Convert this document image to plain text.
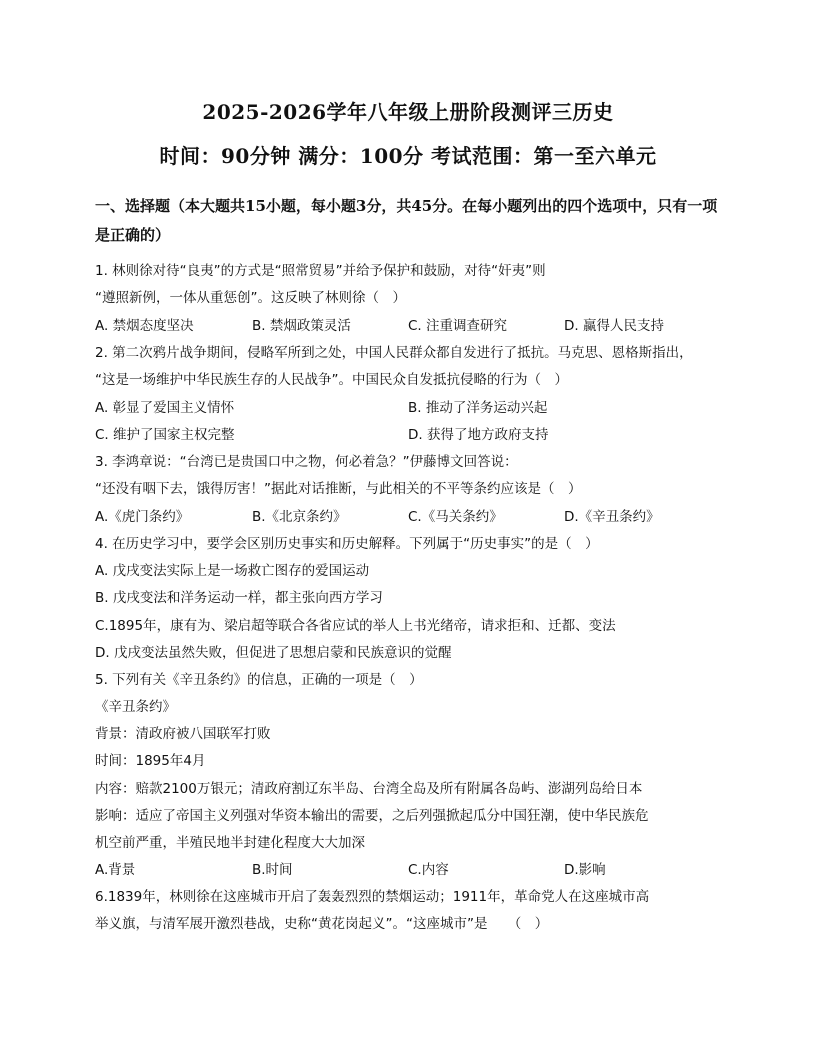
2025-2026学年八年级上册阶段测评三历史
时间：90分钟 满分：100分 考试范围：第一至六单元
一、选择题（本大题共15小题，每小题3分，共45分。在每小题列出的四个选项中，只有一项是正确的）
1. 林则徐对待“良夷”的方式是“照常贸易”并给予保护和鼓励，对待“奸夷”则
“遵照新例，一体从重惩创”。这反映了林则徐（　）
A. 禁烟态度坚决	B. 禁烟政策灵活	C. 注重调查研究	D. 赢得人民支持
2. 第二次鸦片战争期间，侵略军所到之处，中国人民群众都自发进行了抵抗。马克思、恩格斯指出，
“这是一场维护中华民族生存的人民战争”。中国民众自发抵抗侵略的行为（　）
A. 彰显了爱国主义情怀	B. 推动了洋务运动兴起
C. 维护了国家主权完整	D. 获得了地方政府支持
3. 李鸿章说：“台湾已是贵国口中之物，何必着急？”伊藤博文回答说：
“还没有咽下去，饿得厉害！”据此对话推断，与此相关的不平等条约应该是（　）
A.《虎门条约》	B.《北京条约》	C.《马关条约》	D.《辛丑条约》
4. 在历史学习中，要学会区别历史事实和历史解释。下列属于“历史事实”的是（　）
A. 戊戌变法实际上是一场救亡图存的爱国运动
B. 戊戌变法和洋务运动一样，都主张向西方学习
C.1895年，康有为、梁启超等联合各省应试的举人上书光绪帝，请求拒和、迁都、变法
D. 戊戌变法虽然失败，但促进了思想启蒙和民族意识的觉醒
5. 下列有关《辛丑条约》的信息，正确的一项是（　）
《辛丑条约》
背景：清政府被八国联军打败
时间：1895年4月
内容：赔款2100万银元；清政府割辽东半岛、台湾全岛及所有附属各岛屿、澎湖列岛给日本
影响：适应了帝国主义列强对华资本输出的需要，之后列强掀起瓜分中国狂潮，使中华民族危
机空前严重，半殖民地半封建化程度大大加深
A.背景	B.时间	C.内容	D.影响
6.1839年，林则徐在这座城市开启了轰轰烈烈的禁烟运动；1911年，革命党人在这座城市高
举义旗，与清军展开激烈巷战，史称“黄花岗起义”。“这座城市”是　　（　）
